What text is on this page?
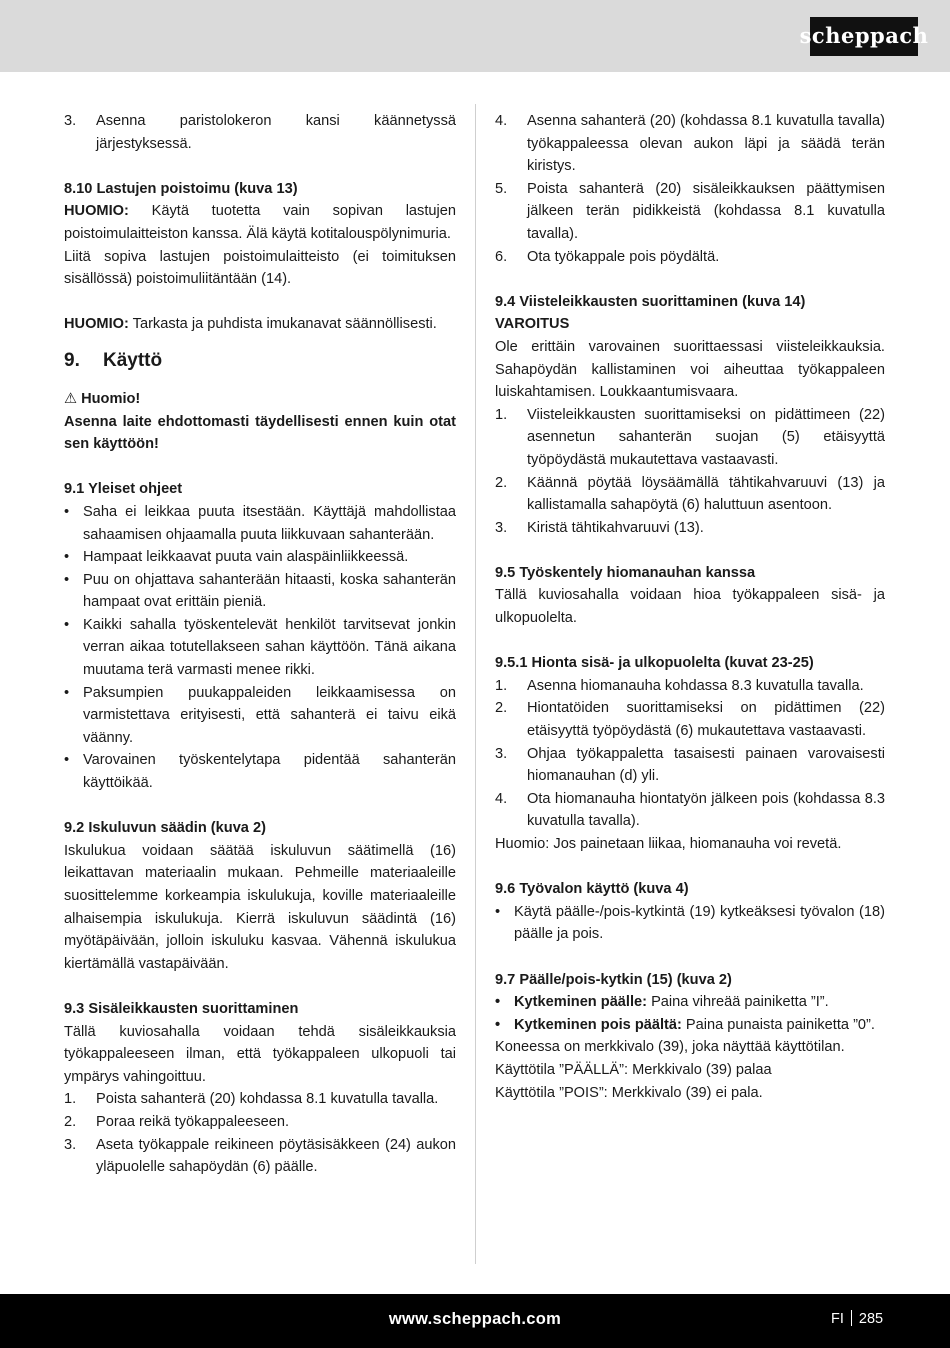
scheppach
3.	Asenna paristolokeron kansi käännetyssä järjestyksessä.

8.10 Lastujen poistoimu (kuva 13)

HUOMIO: Käytä tuotetta vain sopivan lastujen poistoimulaitteiston kanssa. Älä käytä kotitalouspölynimuria.

Liitä sopiva lastujen poistoimulaitteisto (ei toimituksen sisällössä) poistoimuliitäntään (14).

HUOMIO: Tarkasta ja puhdista imukanavat säännöllisesti.

9. Käyttö

⚠ Huomio!

Asenna laite ehdottomasti täydellisesti ennen kuin otat sen käyttöön!

9.1 Yleiset ohjeet

• Saha ei leikkaa puuta itsestään. Käyttäjä mahdollistaa sahaamisen ohjaamalla puuta liikkuvaan sahanterään.
• Hampaat leikkaavat puuta vain alaspäinliikkeessä.
• Puu on ohjattava sahanterään hitaasti, koska sahanterän hampaat ovat erittäin pieniä.
• Kaikki sahalla työskentelevät henkilöt tarvitsevat jonkin verran aikaa totutellakseen sahan käyttöön. Tänä aikana muutama terä varmasti menee rikki.
• Paksumpien puukappaleiden leikkaamisessa on varmistettava erityisesti, että sahanterä ei taivu eikä väänny.
• Varovainen työskentelytapa pidentää sahanterän käyttöikää.

9.2 Iskuluvun säädin (kuva 2)

Iskulukua voidaan säätää iskuluvun säätimellä (16) leikattavan materiaalin mukaan. Pehmeille materiaaleille suosittelemme korkeampia iskulukuja, koville materiaaleille alhaisempia iskulukuja. Kierrä iskuluvun säädintä (16) myötäpäivään, jolloin iskuluku kasvaa. Vähennä iskulukua kiertämällä vastapäivään.

9.3 Sisäleikkausten suorittaminen

Tällä kuviosahalla voidaan tehdä sisäleikkauksia työkappaleeseen ilman, että työkappaleen ulkopuoli tai ympärys vahingoittuu.

1.	Poista sahanterä (20) kohdassa 8.1 kuvatulla tavalla.
2.	Poraa reikä työkappaleeseen.
3.	Aseta työkappale reikineen pöytäsisäkkeen (24) aukon yläpuolelle sahapöydän (6) päälle.
4.	Asenna sahanterä (20) (kohdassa 8.1 kuvatulla tavalla) työkappaleessa olevan aukon läpi ja säädä terän kiristys.
5.	Poista sahanterä (20) sisäleikkauksen päättymisen jälkeen terän pidikkeistä (kohdassa 8.1 kuvatulla tavalla).
6.	Ota työkappale pois pöydältä.

9.4 Viisteleikkausten suorittaminen (kuva 14)

VAROITUS

Ole erittäin varovainen suorittaessasi viisteleikkauksia. Sahapöydän kallistaminen voi aiheuttaa työkappaleen luiskahtamisen. Loukkaantumisvaara.

1.	Viisteleikkausten suorittamiseksi on pidättimeen (22) asennetun sahanterän suojan (5) etäisyyttä työpöydästä mukautettava vastaavasti.
2.	Käännä pöytää löysäämällä tähtikahvaruuvi (13) ja kallistamalla sahapöytä (6) haluttuun asentoon.
3.	Kiristä tähtikahvaruuvi (13).

9.5 Työskentely hiomanauhan kanssa

Tällä kuviosahalla voidaan hioa työkappaleen sisä- ja ulkopuolelta.

9.5.1 Hionta sisä- ja ulkopuolelta (kuvat 23-25)

1.	Asenna hiomanauha kohdassa 8.3 kuvatulla tavalla.
2.	Hiontatöiden suorittamiseksi on pidättimen (22) etäisyyttä työpöydästä (6) mukautettava vastaavasti.
3.	Ohjaa työkappaletta tasaisesti painaen varovaisesti hiomanauhan (d) yli.
4.	Ota hiomanauha hiontatyön jälkeen pois (kohdassa 8.3 kuvatulla tavalla).

Huomio: Jos painetaan liikaa, hiomanauha voi revetä.

9.6 Työvalon käyttö (kuva 4)

• Käytä päälle-/pois-kytkintä (19) kytkeäksesi työvalon (18) päälle ja pois.

9.7 Päälle/pois-kytkin (15) (kuva 2)

• Kytkeminen päälle: Paina vihreää painiketta ”I”.
• Kytkeminen pois päältä: Paina punaista painiketta ”0”.

Koneessa on merkkivalo (39), joka näyttää käyttötilan.

Käyttötila ”PÄÄLLÄ”: Merkkivalo (39) palaa

Käyttötila ”POIS”: Merkkivalo (39) ei pala.

www.scheppach.com	FI 285
